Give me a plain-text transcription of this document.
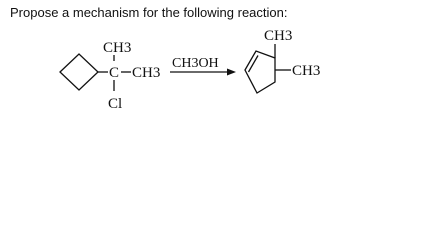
Propose a mechanism for the following reaction:
C
CH3
CH3
Cl
CH3OH
CH3
CH3
